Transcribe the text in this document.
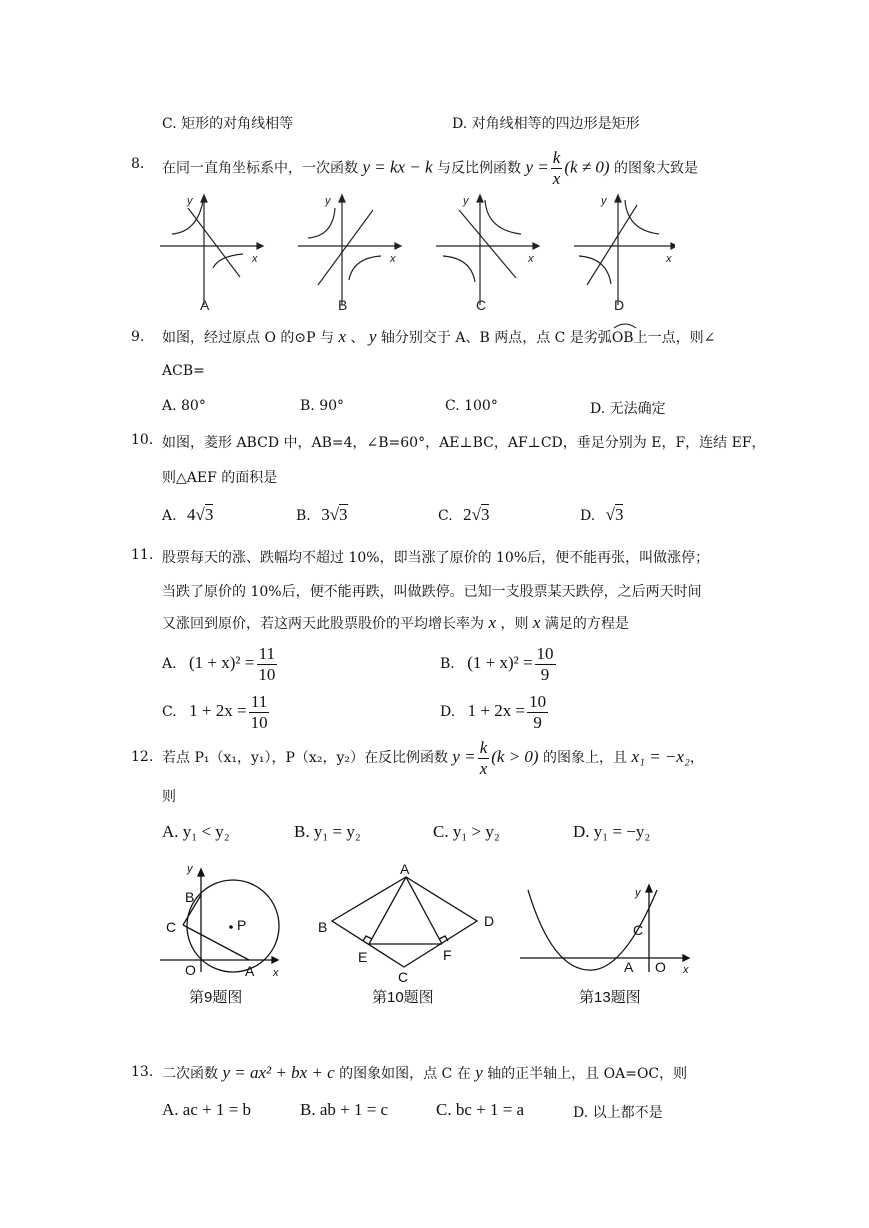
C. 矩形的对角线相等	D. 对角线相等的四边形是矩形
8. 在同一直角坐标系中，一次函数 y = kx − k 与反比例函数 $y = \frac{k}{x} (k \ne 0)$ 的图象大致是
y
x
A
y
x
B
y
x
C
y
x
D
9. 如图，经过原点 O 的⊙P 与 x 、 y 轴分别交于 A、B 两点，点 C 是劣弧
OB上一点，则∠
ACB=
A. 80°	B. 90°	C. 100°	D. 无法确定
10. 如图，菱形 ABCD 中，AB=4，∠B=60°，AE⊥BC，AF⊥CD，垂足分别为 E，F，连结 EF，
则△AEF 的面积是
A. 4√3	B. 3√3	C. 2√3	D. √3
11. 股票每天的涨、跌幅均不超过 10%，即当涨了原价的 10%后，便不能再张，叫做涨停；
当跌了原价的 10%后，便不能再跌，叫做跌停。已知一支股票某天跌停，之后两天时间
又涨回到原价，若这两天此股票股价的平均增长率为 x ，则 x 满足的方程是
A. $(1 + x)^2 = \frac{11}{10}$	B. $(1 + x)^2 = \frac{10}{9}$
C. $1 + 2x = \frac{11}{10}$	D. $1 + 2x = \frac{10}{9}$
12. 若点 P₁（x₁，y₁），P（x₂，y₂）在反比例函数 $y = \frac{k}{x} (k > 0)$ 的图象上，且 x₁ = −x₂，
则
A. y₁ < y₂	B. y₁ = y₂	C. y₁ > y₂	D. y₁ = −y₂
y
B
C	P
O	A x
第9题图
A
B	D
E	F
C
第10题图
y
C
A O x
第13题图
13. 二次函数 y = ax² + bx + c 的图象如图，点 C 在 y 轴的正半轴上，且 OA=OC，则
A. ac + 1 = b	B. ab + 1 = c	C. bc + 1 = a	D. 以上都不是
